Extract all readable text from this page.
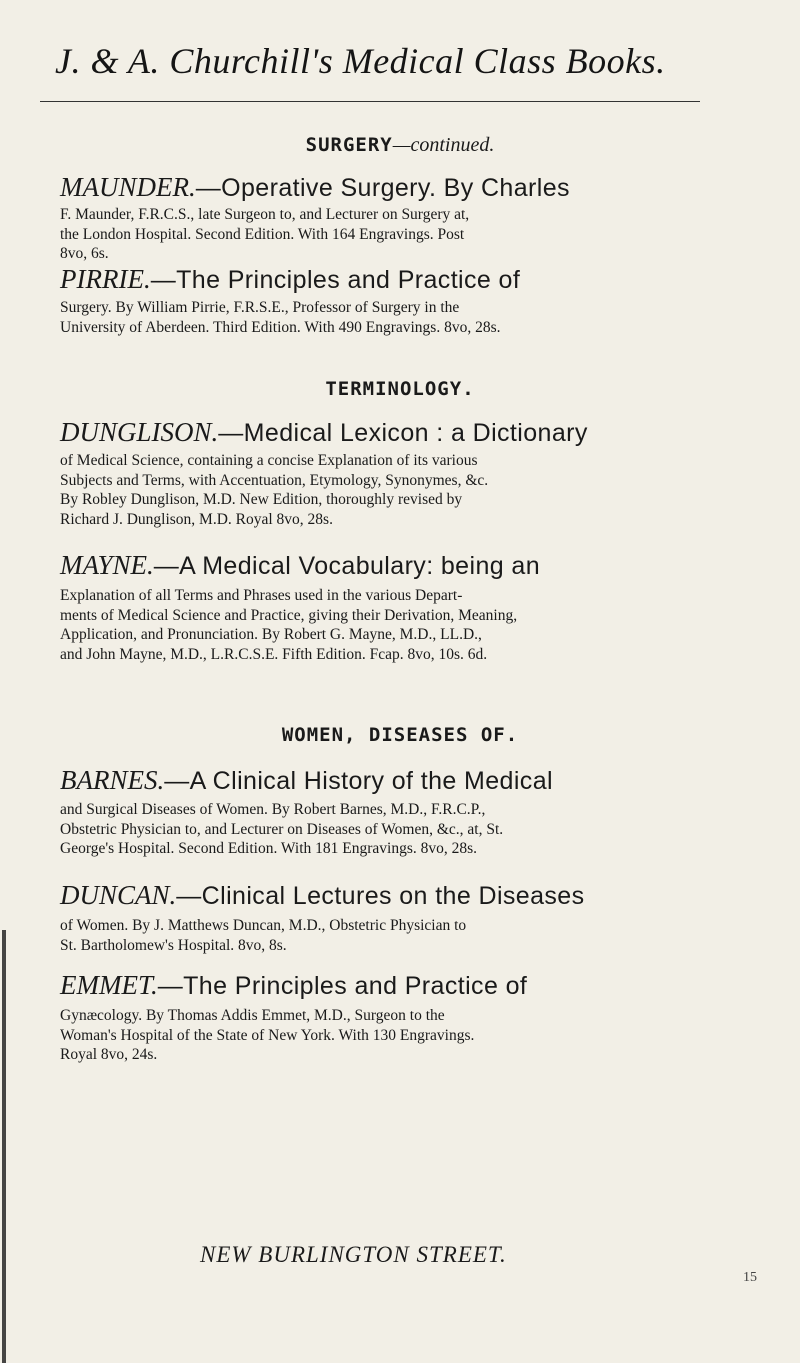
J. & A. Churchill's Medical Class Books.
SURGERY—continued.
MAUNDER.—Operative Surgery. By Charles
F. Maunder, F.R.C.S., late Surgeon to, and Lecturer on Surgery at,
the London Hospital. Second Edition. With 164 Engravings. Post
8vo, 6s.
PIRRIE.—The Principles and Practice of
Surgery. By William Pirrie, F.R.S.E., Professor of Surgery in the
University of Aberdeen. Third Edition. With 490 Engravings. 8vo, 28s.
TERMINOLOGY.
DUNGLISON.—Medical Lexicon : a Dictionary
of Medical Science, containing a concise Explanation of its various
Subjects and Terms, with Accentuation, Etymology, Synonymes, &c.
By Robley Dunglison, M.D. New Edition, thoroughly revised by
Richard J. Dunglison, M.D. Royal 8vo, 28s.
MAYNE.—A Medical Vocabulary: being an
Explanation of all Terms and Phrases used in the various Depart-
ments of Medical Science and Practice, giving their Derivation, Meaning,
Application, and Pronunciation. By Robert G. Mayne, M.D., LL.D.,
and John Mayne, M.D., L.R.C.S.E. Fifth Edition. Fcap. 8vo, 10s. 6d.
WOMEN, DISEASES OF.
BARNES.—A Clinical History of the Medical
and Surgical Diseases of Women. By Robert Barnes, M.D., F.R.C.P.,
Obstetric Physician to, and Lecturer on Diseases of Women, &c., at, St.
George's Hospital. Second Edition. With 181 Engravings. 8vo, 28s.
DUNCAN.—Clinical Lectures on the Diseases
of Women. By J. Matthews Duncan, M.D., Obstetric Physician to
St. Bartholomew's Hospital. 8vo, 8s.
EMMET.—The Principles and Practice of
Gynæcology. By Thomas Addis Emmet, M.D., Surgeon to the
Woman's Hospital of the State of New York. With 130 Engravings.
Royal 8vo, 24s.
NEW BURLINGTON STREET.
15
